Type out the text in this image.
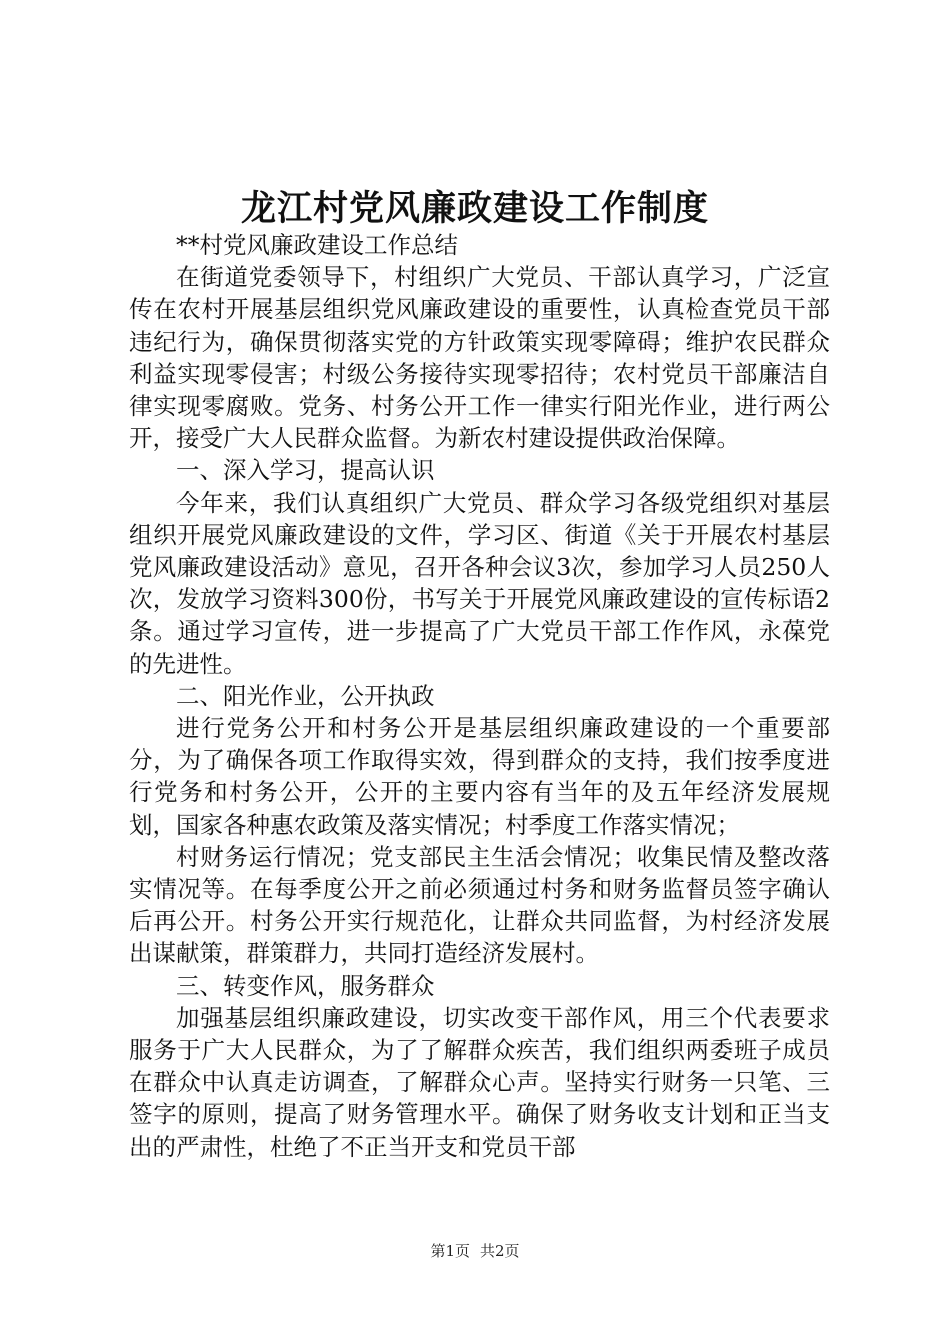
龙江村党风廉政建设工作制度

**村党风廉政建设工作总结

在街道党委领导下，村组织广大党员、干部认真学习，广泛宣传在农村开展基层组织党风廉政建设的重要性，认真检查党员干部违纪行为，确保贯彻落实党的方针政策实现零障碍；维护农民群众利益实现零侵害；村级公务接待实现零招待；农村党员干部廉洁自律实现零腐败。党务、村务公开工作一律实行阳光作业，进行两公开，接受广大人民群众监督。为新农村建设提供政治保障。

一、深入学习，提高认识

今年来，我们认真组织广大党员、群众学习各级党组织对基层组织开展党风廉政建设的文件，学习区、街道《关于开展农村基层党风廉政建设活动》意见，召开各种会议3次，参加学习人员250人次，发放学习资料300份，书写关于开展党风廉政建设的宣传标语2条。通过学习宣传，进一步提高了广大党员干部工作作风，永葆党的先进性。

二、阳光作业，公开执政

进行党务公开和村务公开是基层组织廉政建设的一个重要部分，为了确保各项工作取得实效，得到群众的支持，我们按季度进行党务和村务公开，公开的主要内容有当年的及五年经济发展规划，国家各种惠农政策及落实情况；村季度工作落实情况；

村财务运行情况；党支部民主生活会情况；收集民情及整改落实情况等。在每季度公开之前必须通过村务和财务监督员签字确认后再公开。村务公开实行规范化，让群众共同监督，为村经济发展出谋献策，群策群力，共同打造经济发展村。

三、转变作风，服务群众

加强基层组织廉政建设，切实改变干部作风，用三个代表要求服务于广大人民群众，为了了解群众疾苦，我们组织两委班子成员在群众中认真走访调查，了解群众心声。坚持实行财务一只笔、三签字的原则，提高了财务管理水平。确保了财务收支计划和正当支出的严肃性，杜绝了不正当开支和党员干部

第1页 共2页
